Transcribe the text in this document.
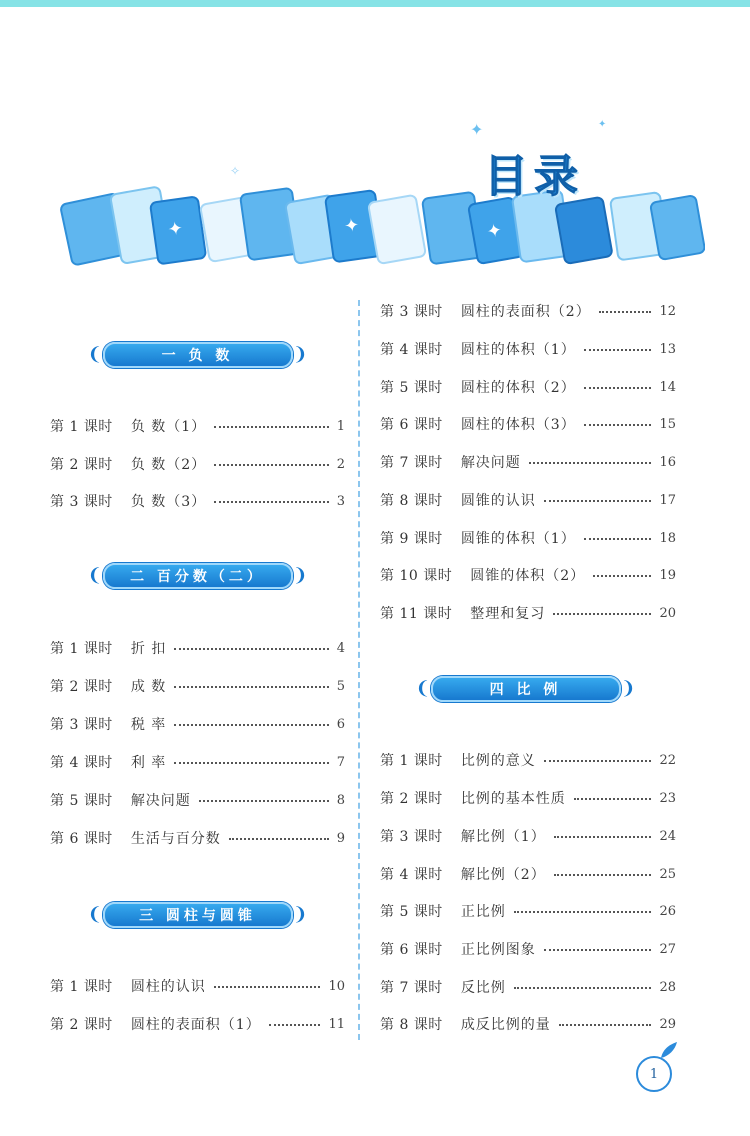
✦	✦	✦
✦	✦
✧	目录
❨	一 负 数	❩
第 1 课时 负 数（1）	1
第 2 课时 负 数（2）	2
第 3 课时 负 数（3）	3
❨	二 百分数（二）	❩
第 1 课时 折 扣	4
第 2 课时 成 数	5
第 3 课时 税 率	6
第 4 课时 利 率	7
第 5 课时 解决问题	8
第 6 课时 生活与百分数	9
❨	三 圆柱与圆锥	❩
第 1 课时 圆柱的认识	10
第 2 课时 圆柱的表面积（1）	11
第 3 课时 圆柱的表面积（2）	12
第 4 课时 圆柱的体积（1）	13
第 5 课时 圆柱的体积（2）	14
第 6 课时 圆柱的体积（3）	15
第 7 课时 解决问题	16
第 8 课时 圆锥的认识	17
第 9 课时 圆锥的体积（1）	18
第 10 课时 圆锥的体积（2）	19
第 11 课时 整理和复习	20
❨	四 比 例	❩
第 1 课时 比例的意义	22
第 2 课时 比例的基本性质	23
第 3 课时 解比例（1）	24
第 4 课时 解比例（2）	25
第 5 课时 正比例	26
第 6 课时 正比例图象	27
第 7 课时 反比例	28
第 8 课时 成反比例的量	29
1
